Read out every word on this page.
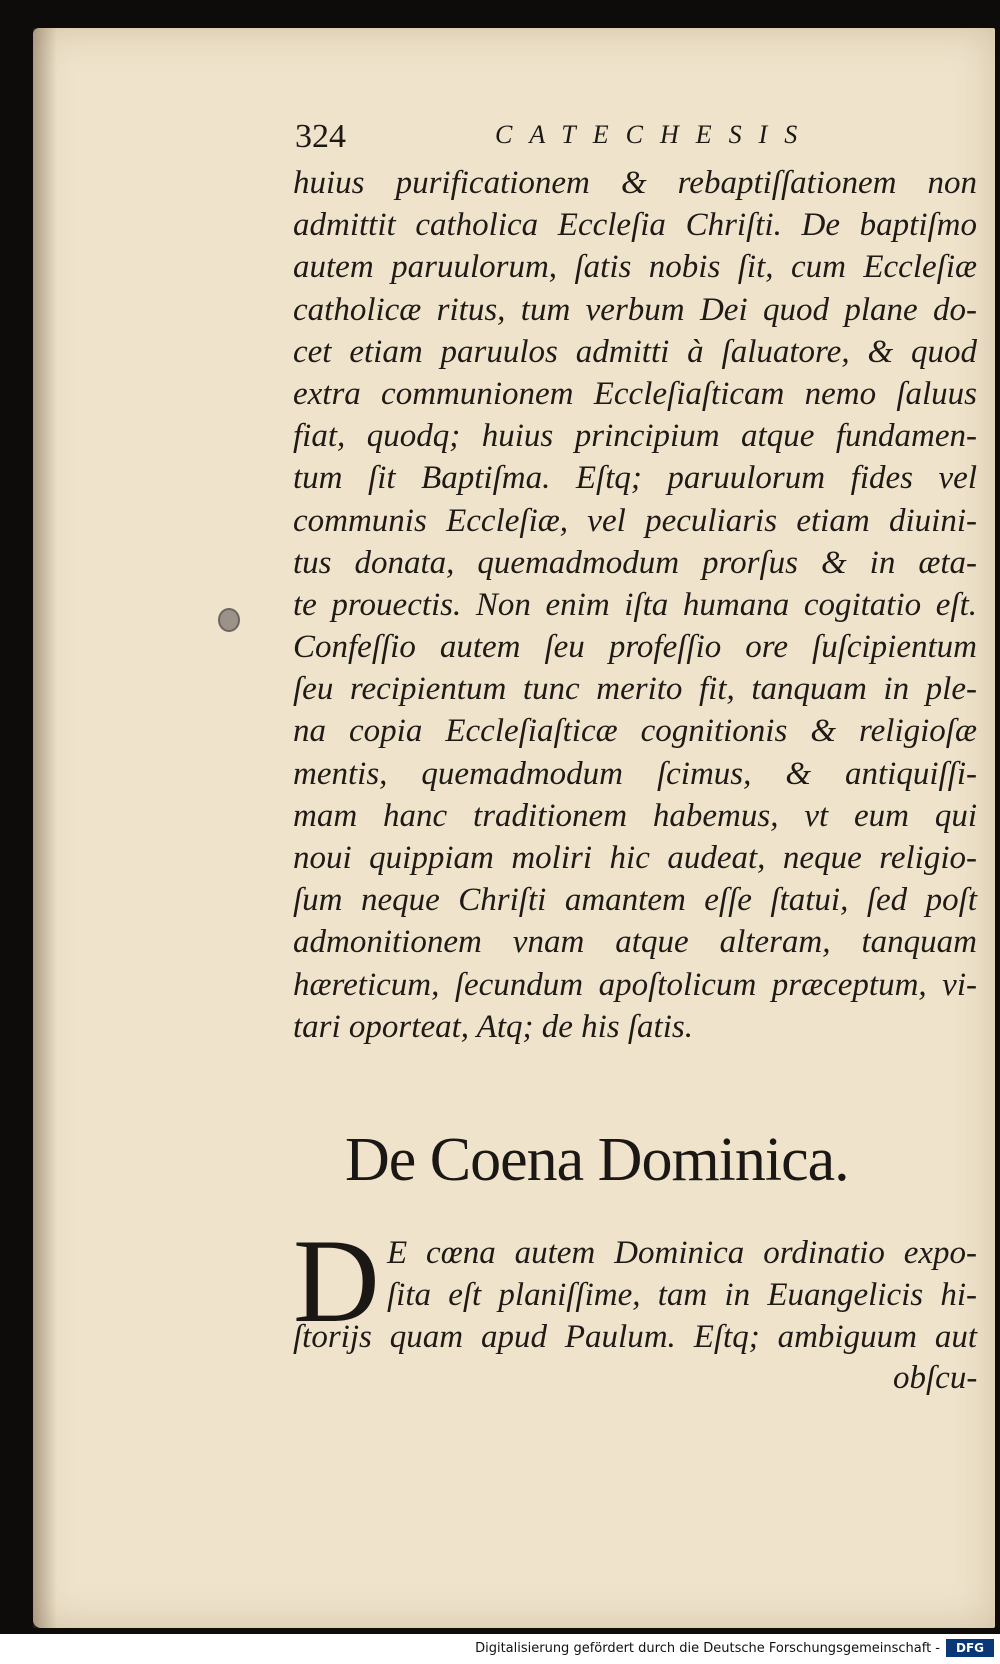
324	CATECHESIS
huius purificationem & rebaptiſſationem non
admittit catholica Eccleſia Chriſti. De baptiſmo
autem paruulorum, ſatis nobis ſit, cum Eccleſiæ
catholicæ ritus, tum verbum Dei quod plane do-
cet etiam paruulos admitti à ſaluatore, & quod
extra communionem Eccleſiaſticam nemo ſaluus
fiat, quodq; huius principium atque fundamen-
tum ſit Baptiſma. Eſtq; paruulorum fides vel
communis Eccleſiæ, vel peculiaris etiam diuini-
tus donata, quemadmodum prorſus & in æta-
te prouectis. Non enim iſta humana cogitatio eſt.
Confeſſio autem ſeu profeſſio ore ſuſcipientum
ſeu recipientum tunc merito fit, tanquam in ple-
na copia Eccleſiaſticæ cognitionis & religioſæ
mentis, quemadmodum ſcimus, & antiquiſſi-
mam hanc traditionem habemus, vt eum qui
noui quippiam moliri hic audeat, neque religio-
ſum neque Chriſti amantem eſſe ſtatui, ſed poſt
admonitionem vnam atque alteram, tanquam
hæreticum, ſecundum apoſtolicum præceptum, vi-
tari oporteat, Atq; de his ſatis.
De Coena Dominica.
D E cœna autem Dominica ordinatio expo-
ſita eſt planiſſime, tam in Euangelicis hi-
ſtorijs quam apud Paulum. Eſtq; ambiguum aut
obſcu-
Digitalisierung gefördert durch die Deutsche Forschungsgemeinschaft -	DFG
